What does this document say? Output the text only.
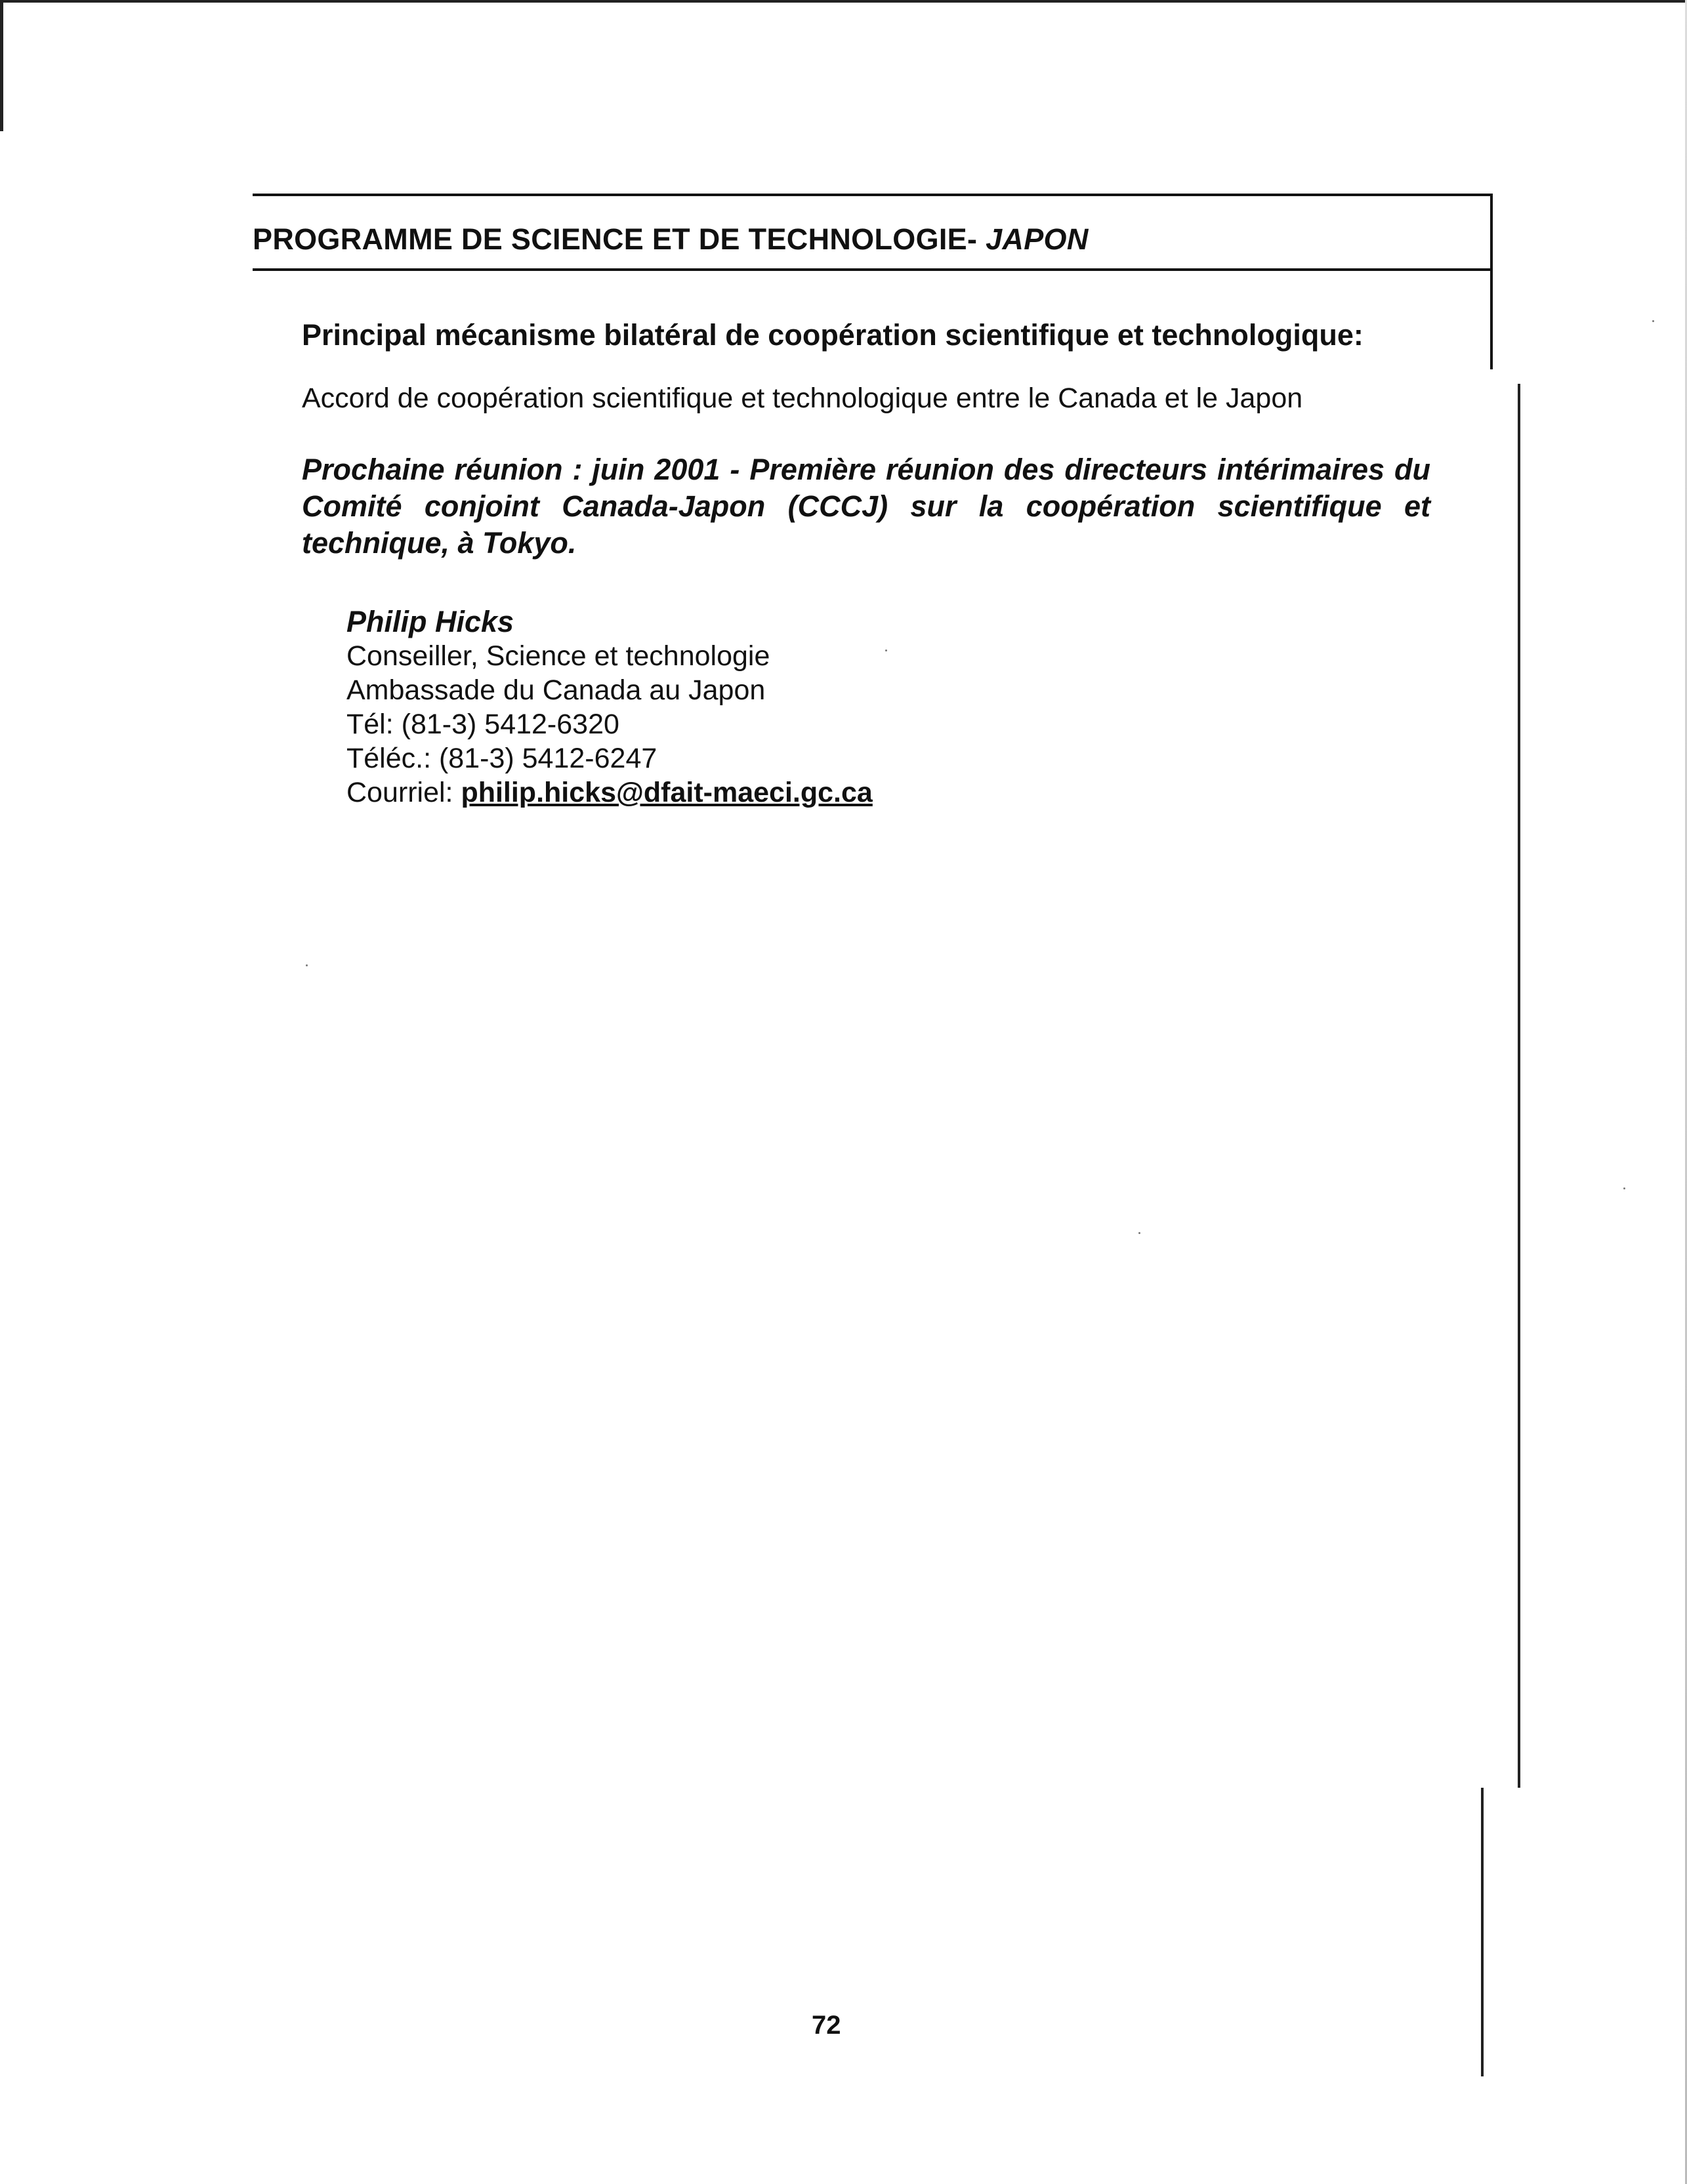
PROGRAMME DE SCIENCE ET DE TECHNOLOGIE- JAPON

Principal mécanisme bilatéral de coopération scientifique et technologique:

Accord de coopération scientifique et technologique entre le Canada et le Japon

Prochaine réunion : juin 2001 - Première réunion des directeurs intérimaires du Comité conjoint Canada-Japon (CCCJ) sur la coopération scientifique et technique, à Tokyo.

Philip Hicks
Conseiller, Science et technologie
Ambassade du Canada au Japon
Tél: (81-3) 5412-6320
Téléc.: (81-3) 5412-6247
Courriel: philip.hicks@dfait-maeci.gc.ca
72
